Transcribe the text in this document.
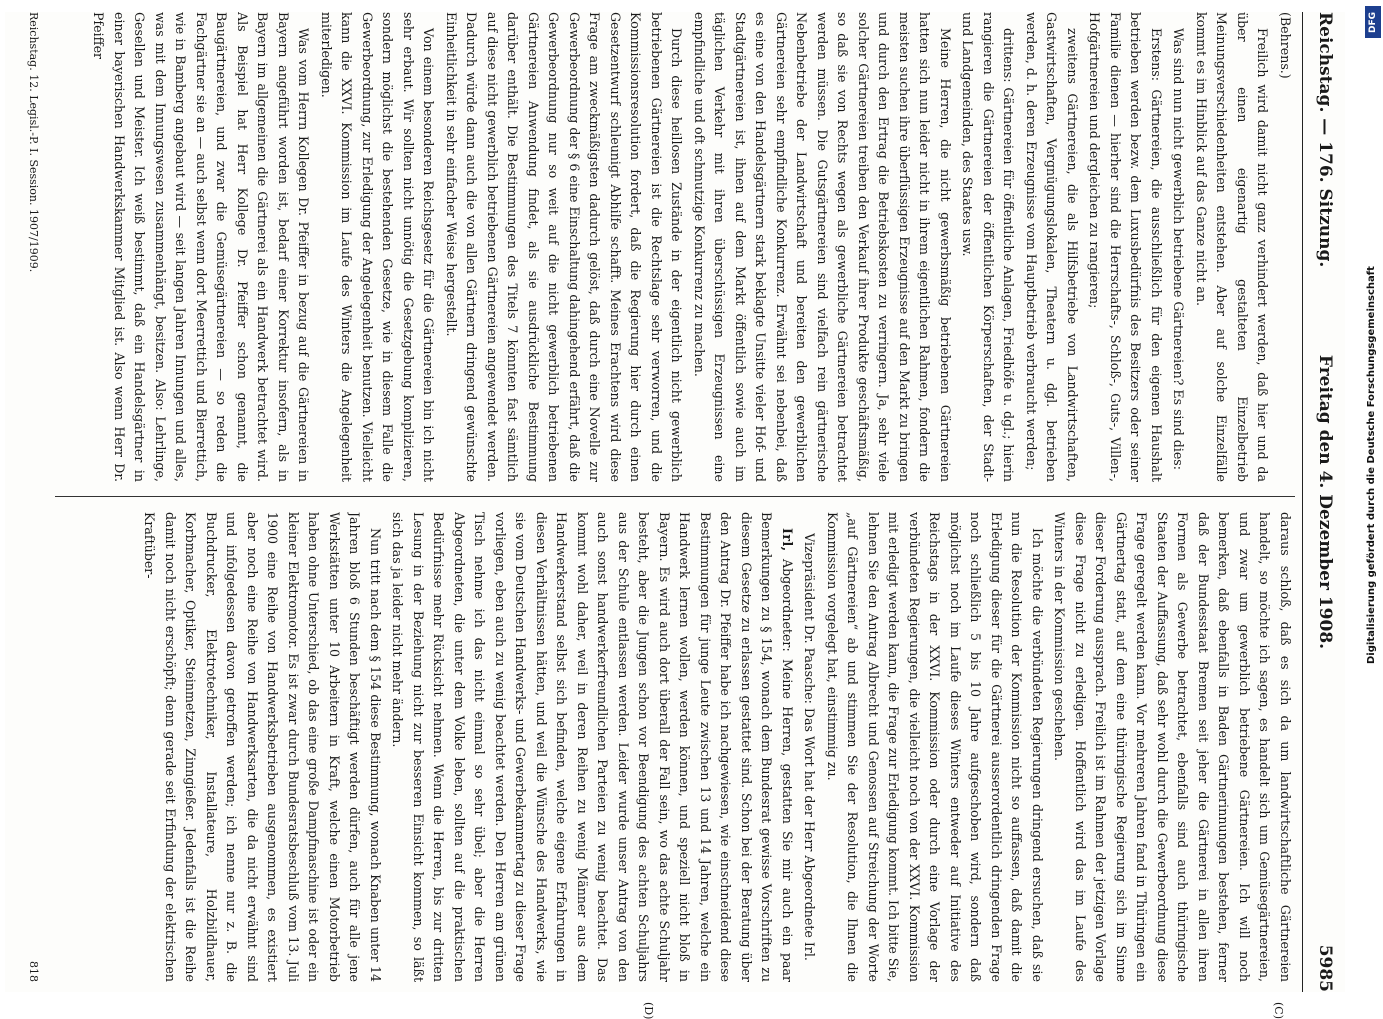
Reichstag. — 176. Sitzung.
Freitag den 4. Dezember 1908.
5985
(C)
(D)

(Behrens.)

Freilich wird damit nicht ganz verhindert werden, daß hier und da über einen eigenartig gestalteten Einzelbetrieb Meinungsverschiedenheiten entstehen. Aber auf solche Einzelfälle kommt es im Hinblick auf das Ganze nicht an.

Was sind nun nicht gewerblich betriebene Gärtnereien? Es sind dies:

Erstens: Gärtnereien, die ausschließlich für den eigenen Haushalt betrieben werden bezw. dem Luxusbedürfnis des Besitzers oder seiner Familie dienen — hierher sind die Herrschafts-, Schloß-, Guts-, Villen-, Hofgärtnereien und dergleichen zu rangieren;

zweitens Gärtnereien, die als Hilfsbetriebe von Landwirtschaften, Gastwirtschaften, Vergnügungslokalen, Theatern u. dgl. betrieben werden, d. h. deren Erzeugnisse vom Hauptbetrieb verbraucht werden;

drittens: Gärtnereien für öffentliche Anlagen, Friedhöfe u. dgl.; hierin rangieren die Gärtnereien der öffentlichen Körperschaften, der Stadt- und Landgemeinden, des Staates usw.

Meine Herren, die nicht gewerbsmäßig betriebenen Gärtnereien hatten sich nun leider nicht in ihrem eigentlichen Rahmen, fondern die meisten suchen ihre überflüssigen Erzeugnisse auf den Markt zu bringen und durch den Ertrag die Betriebskosten zu verringern. Ja, sehr viele solcher Gärtnereien treiben den Verkauf ihrer Produkte geschäftsmäßig, so daß sie von Rechts wegen als gewerbliche Gärtnereien betrachtet werden müssen. Die Gutsgärtnereien sind vielfach rein gärtnerische Nebenbetriebe der Landwirtschaft und bereiten den gewerblichen Gärtnereien sehr empfindliche Konkurrenz. Erwähnt sei nebenbei, daß es eine von den Handelsgärtnern stark beklagte Unsitte vieler Hof- und Stadtgärtnereien ist, ihnen auf dem Markt öffentlich sowie auch im täglichen Verkehr mit ihren überschüssigen Erzeugnissen eine empfindliche und oft schmutzige Konkurrenz zu machen.

Durch diese heillosen Zustände in der eigentlich nicht gewerblich betriebenen Gärtnereien ist die Rechtslage sehr verworren, und die Kommissionsresolution fordert, daß die Regierung hier durch einen Gesetzentwurf schleunigt Abhilfe schafft. Meines Erachtens wird diese Frage am zweckmäßigsten dadurch gelöst, daß durch eine Novelle zur Gewerbeordnung der § 6 eine Einschaltung dahingehend erfährt, daß die Gewerbeordnung nur so weit auf die nicht gewerblich betriebenen Gärtnereien Anwendung findet, als sie ausdrückliche Bestimmung darüber enthält. Die Bestimmungen des Titels 7 könnten fast sämtlich auf diese nicht gewerblich betriebenen Gärtnereien angewendet werden. Dadurch würde dann auch die von allen Gärtnern dringend gewünschte Einheitlichkeit in sehr einfacher Weise hergestellt.

Von einem besonderen Reichsgesetz für die Gärtnereien bin ich nicht sehr erbaut. Wir sollten nicht unnötig die Gesetzgebung komplizieren, sondern möglichst die bestehenden Gesetze, wie in diesem Falle die Gewerbeordnung, zur Erledigung der Angelegenheit benutzen. Vielleicht kann die XXVI. Kommission im Laufe des Winters die Angelegenheit miterledigen.

Was vom Herrn Kollegen Dr. Pfeiffer in bezug auf die Gärtnereien in Bayern angeführt worden ist, bedarf einer Korrektur insofern, als in Bayern im allgemeinen die Gärtnerei als ein Handwerk betrachtet wird. Als Beispiel hat Herr Kollege Dr. Pfeiffer schon genannt, die Baugärtnereien, und zwar die Gemüsegärtnereien — so reden die Fachgärtner sie an — auch selbst wenn dort Meerrettich und Bierrettich, wie in Bamberg angebaut wird — seit langen Jahren Innungen und alles, was mit dem Innungswesen zusammenhängt, besitzen. Also: Lehrlinge, Gesellen und Meister. Ich weiß bestimmt, daß ein Handelsgärtner in einer bayerischen Handwerkskammer Mitglied ist. Also wenn Herr Dr. Pfeiffer

daraus schloß, daß es sich da um landwirtschaftliche Gärtnereien handelt, so möchte ich sagen, es handelt sich um Gemüsegärtnereien, und zwar um gewerblich betriebene Gärtnereien. Ich will noch bemerken, daß ebenfalls in Baden Gärtnerinnungen bestehen, ferner daß der Bundesstaat Bremen seit jeher die Gärtnerei in allen ihren Formen als Gewerbe betrachtet, ebenfalls sind auch thüringische Staaten der Auffassung, daß sehr wohl durch die Gewerbeordnung diese Frage geregelt werden kann. Vor mehreren Jahren fand in Thüringen ein Gärtnertag statt, auf dem eine thüringische Regierung sich im Sinne dieser Forderung aussprach. Freilich ist im Rahmen der jetzigen Vorlage diese Frage nicht zu erledigen. Hoffentlich wird das im Laufe des Winters in der Kommission geschehen.

Ich möchte die verbündeten Regierungen dringend ersuchen, daß sie nun die Resolution der Kommission nicht so auffassen, daß damit die Erledigung dieser für die Gärtnerei ausserordentlich dringenden Frage noch schließlich 5 bis 10 Jahre aufgeschoben wird, sondern daß möglichst noch im Laufe dieses Winters entweder auf Initiative des Reichstags in der XXVI. Kommission oder durch eine Vorlage der verbündeten Regierungen, die vielleicht noch von der XXVI. Kommission mit erledigt werden kann, die Frage zur Erledigung kommt. Ich bitte Sie, lehnen Sie den Antrag Albrecht und Genossen auf Streichung der Worte „auf Gärtnereien“ ab und stimmen Sie der Resolution, die Ihnen die Kommission vorgelegt hat, einstimmig zu.

Vizepräsident Dr. Paasche: Das Wort hat der Herr Abgeordnete Irl.

Irl, Abgeordneter: Meine Herren, gestatten Sie mir auch ein paar Bemerkungen zu § 154, wonach dem Bundesrat gewisse Vorschriften zu diesem Gesetze zu erlassen gestattet sind. Schon bei der Beratung über den Antrag Dr. Pfeiffer habe ich nachgewiesen, wie einschneidend diese Bestimmungen für junge Leute zwischen 13 und 14 Jahren, welche ein Handwerk lernen wollen, werden können, und speziell nicht bloß in Bayern. Es wird auch dort überall der Fall sein, wo das achte Schuljahr besteht, aber die Jungen schon vor Beendigung des achten Schuljahrs aus der Schule entlassen werden. Leider wurde unser Antrag von den auch sonst handwerkerfreundlichen Parteien zu wenig beachtet. Das kommt wohl daher, weil in deren Reihen zu wenig Männer aus dem Handwerkerstand selbst sich befinden, welche eigene Erfahrungen in diesen Verhältnissen hätten, und weil die Wünsche des Handwerks, wie sie vom Deutschen Handwerks- und Gewerbekammertag zu dieser Frage vorliegen, eben auch zu wenig beachtet werden. Den Herren am grünen Tisch nehme ich das nicht einmal so sehr übel; aber die Herren Abgeordneten, die unter dem Volke leben, sollten auf die praktischen Bedürfnisse mehr Rücksicht nehmen. Wenn die Herren, bis zur dritten Lesung in der Beziehung nicht zur besseren Einsicht kommen, so läßt sich das ja leider nicht mehr ändern.

Nun tritt nach dem § 154 diese Bestimmung, wonach Knaben unter 14 Jahren bloß 6 Stunden beschäftigt werden dürfen, auch für alle jene Werkstätten unter 10 Arbeitern in Kraft, welche einen Motorbetrieb haben ohne Unterschied, ob das eine große Dampfmaschine ist oder ein kleiner Elektromotor. Es ist zwar durch Bundesratsbeschluß vom 13. Juli 1900 eine Reihe von Handwerksbetrieben ausgenommen, es existiert aber noch eine Reihe von Handwerksarten, die da nicht erwähnt sind und infolgedessen davon getroffen werden; ich nenne nur z. B. die Buchdrucker, Elektrotechniker, Installateure, Holzbildhauer, Korbmacher, Optiker, Steinmetzen, Zinngießer. Jedenfalls ist die Reihe damit noch nicht erschöpft; denn gerade seit Erfindung der elektrischen Kraftüber-

Reichstag. 12. Legisl.-P. I. Session. 1907/1909.
818
DFG
Digitalisierung gefördert durch die Deutsche Forschungsgemeinschaft
